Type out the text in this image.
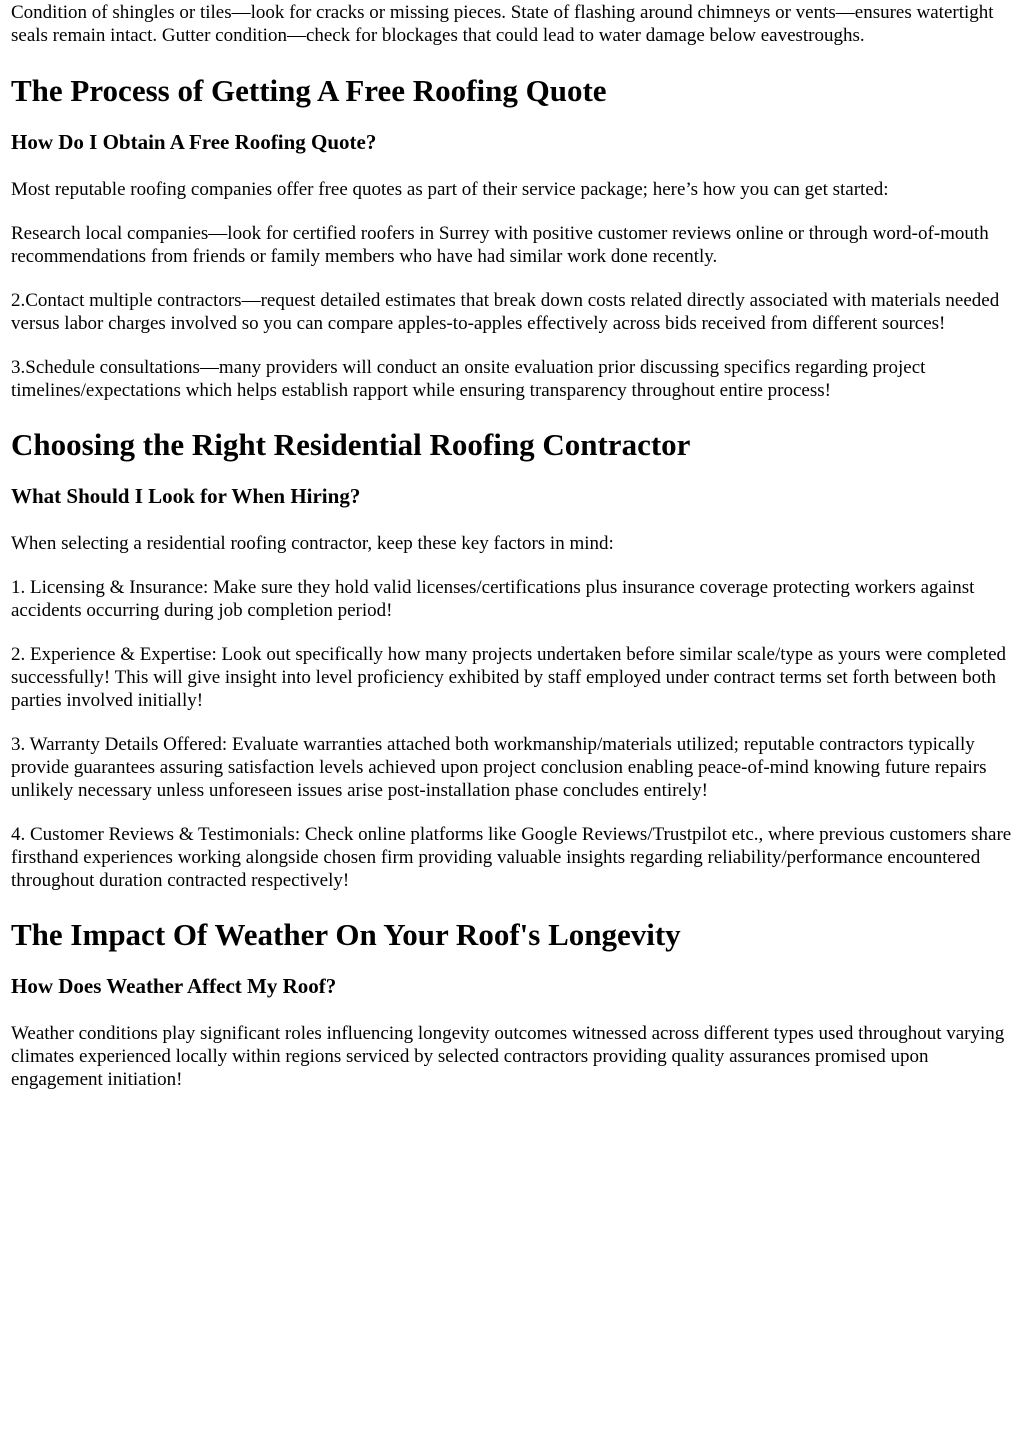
Condition of shingles or tiles—look for cracks or missing pieces. State of flashing around chimneys or vents—ensures watertight seals remain intact. Gutter condition—check for blockages that could lead to water damage below eavestroughs.

The Process of Getting A Free Roofing Quote
How Do I Obtain A Free Roofing Quote?

Most reputable roofing companies offer free quotes as part of their service package; here’s how you can get started:

Research local companies—look for certified roofers in Surrey with positive customer reviews online or through word-of-mouth recommendations from friends or family members who have had similar work done recently.

2.Contact multiple contractors—request detailed estimates that break down costs related directly associated with materials needed versus labor charges involved so you can compare apples-to-apples effectively across bids received from different sources!

3.Schedule consultations—many providers will conduct an onsite evaluation prior discussing specifics regarding project timelines/expectations which helps establish rapport while ensuring transparency throughout entire process!

Choosing the Right Residential Roofing Contractor
What Should I Look for When Hiring?

When selecting a residential roofing contractor, keep these key factors in mind:

1. Licensing & Insurance: Make sure they hold valid licenses/certifications plus insurance coverage protecting workers against accidents occurring during job completion period!

2. Experience & Expertise: Look out specifically how many projects undertaken before similar scale/type as yours were completed successfully! This will give insight into level proficiency exhibited by staff employed under contract terms set forth between both parties involved initially!

3. Warranty Details Offered: Evaluate warranties attached both workmanship/materials utilized; reputable contractors typically provide guarantees assuring satisfaction levels achieved upon project conclusion enabling peace-of-mind knowing future repairs unlikely necessary unless unforeseen issues arise post-installation phase concludes entirely!

4. Customer Reviews & Testimonials: Check online platforms like Google Reviews/Trustpilot etc., where previous customers share firsthand experiences working alongside chosen firm providing valuable insights regarding reliability/performance encountered throughout duration contracted respectively!

The Impact Of Weather On Your Roof's Longevity
How Does Weather Affect My Roof?

Weather conditions play significant roles influencing longevity outcomes witnessed across different types used throughout varying climates experienced locally within regions serviced by selected contractors providing quality assurances promised upon engagement initiation!
